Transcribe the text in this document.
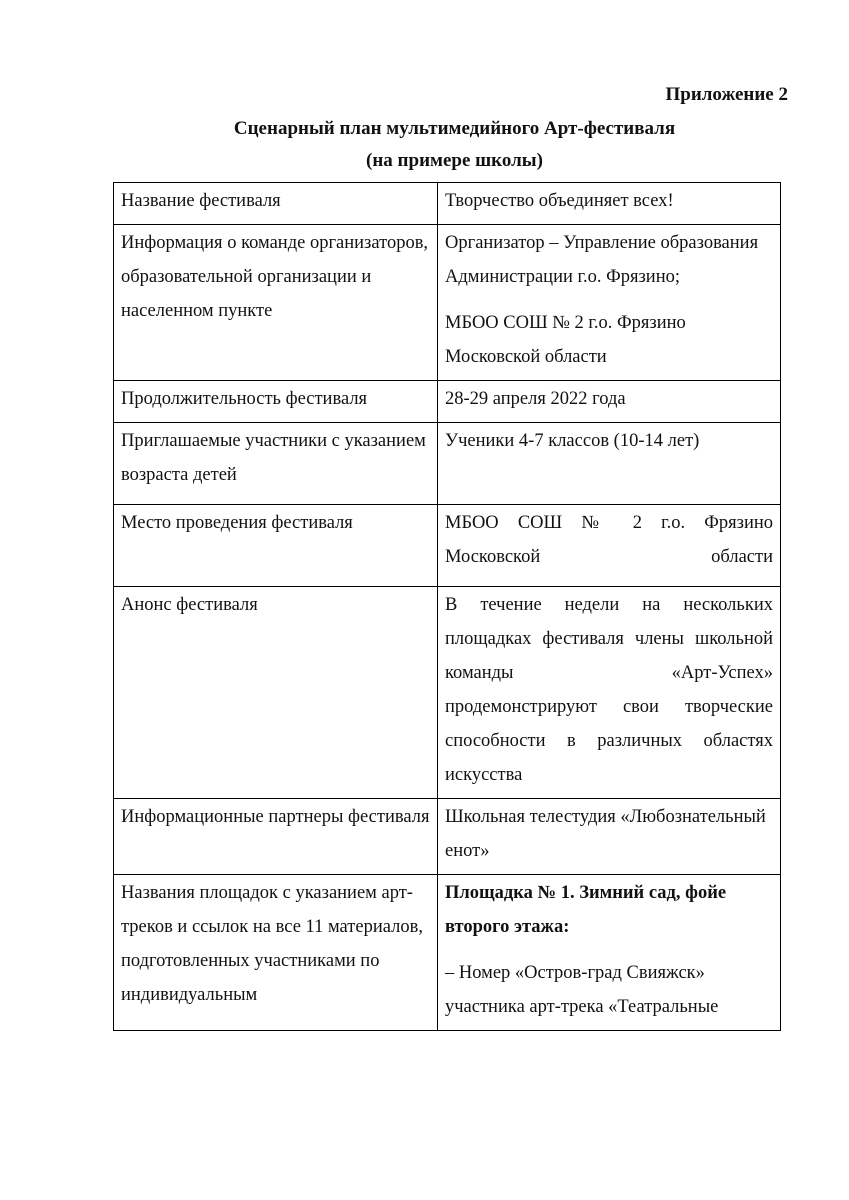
Приложение 2
Сценарный план мультимедийного Арт-фестиваля
(на примере школы)
Название фестиваля	Творчество объединяет всех!
Информация о команде организаторов, образовательной организации и населенном пункте	Организатор – Управление образования Администрации г.о. Фрязино;

МБОО СОШ № 2 г.о. Фрязино Московской области

Продолжительность фестиваля	28-29 апреля 2022 года
Приглашаемые участники с указанием возраста детей	Ученики 4-7 классов (10-14 лет)
Место проведения фестиваля	МБОО СОШ № 2 г.о. Фрязино Московской области
Анонс фестиваля	В течение недели на нескольких площадках фестиваля члены школьной команды «Арт-Успех» продемонстрируют свои творческие способности в различных областях искусства
Информационные партнеры фестиваля	Школьная телестудия «Любознательный енот»
Названия площадок с указанием арт-треков и ссылок на все 11 материалов, подготовленных участниками по индивидуальным	Площадка № 1. Зимний сад, фойе второго этажа:

– Номер «Остров-град Свияжск» участника арт-трека «Театральные
